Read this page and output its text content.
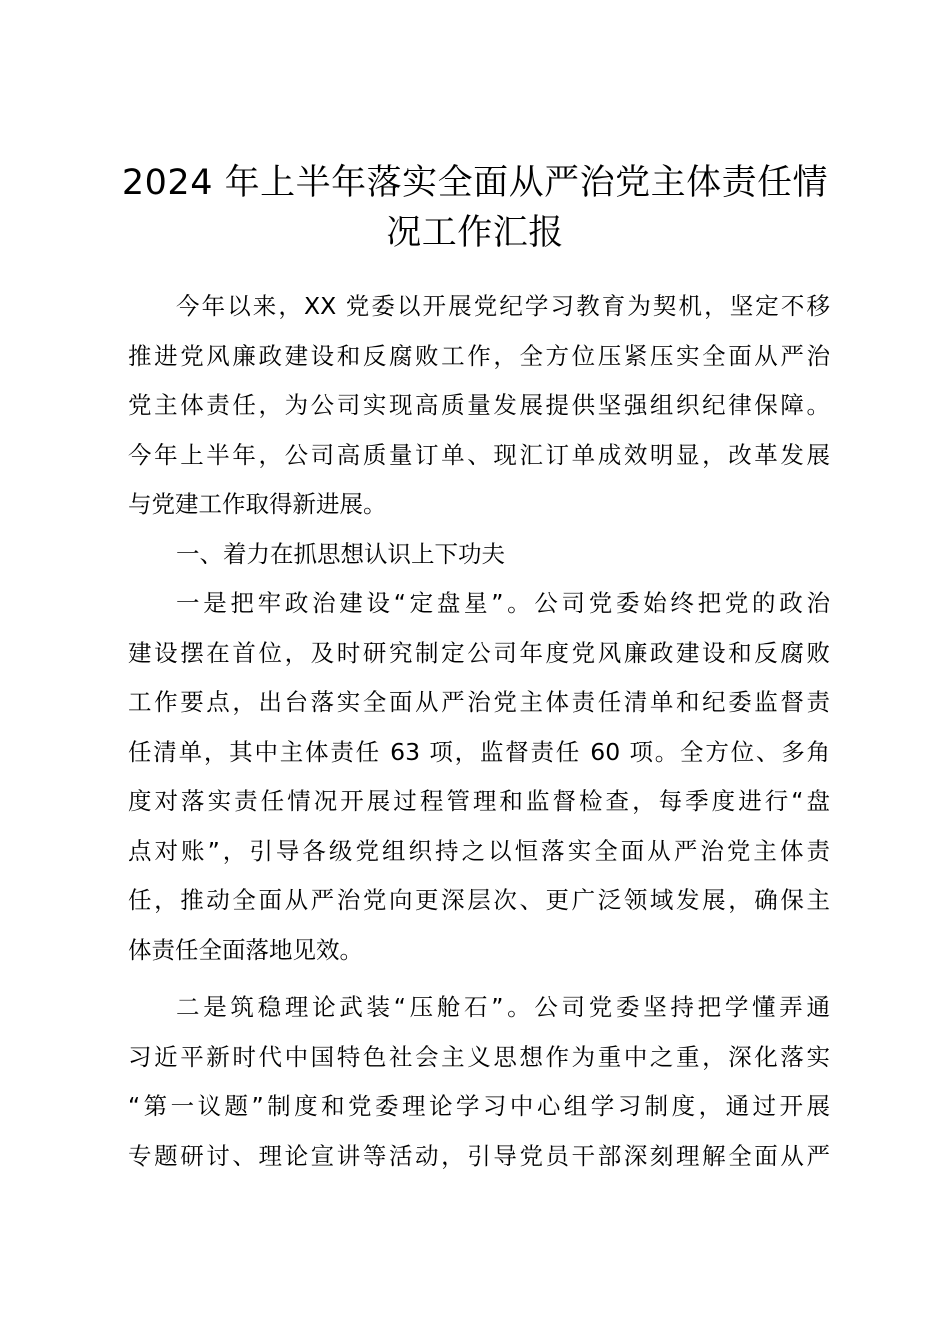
2024 年上半年落实全面从严治党主体责任情
况工作汇报
今年以来，XX 党委以开展党纪学习教育为契机，坚定不移
推进党风廉政建设和反腐败工作，全方位压紧压实全面从严治
党主体责任，为公司实现高质量发展提供坚强组织纪律保障。
今年上半年，公司高质量订单、现汇订单成效明显，改革发展
与党建工作取得新进展。
一、着力在抓思想认识上下功夫
一是把牢政治建设“定盘星”。公司党委始终把党的政治
建设摆在首位，及时研究制定公司年度党风廉政建设和反腐败
工作要点，出台落实全面从严治党主体责任清单和纪委监督责
任清单，其中主体责任 63 项，监督责任 60 项。全方位、多角
度对落实责任情况开展过程管理和监督检查，每季度进行“盘
点对账”，引导各级党组织持之以恒落实全面从严治党主体责
任，推动全面从严治党向更深层次、更广泛领域发展，确保主
体责任全面落地见效。
二是筑稳理论武装“压舱石”。公司党委坚持把学懂弄通
习近平新时代中国特色社会主义思想作为重中之重，深化落实
“第一议题”制度和党委理论学习中心组学习制度，通过开展
专题研讨、理论宣讲等活动，引导党员干部深刻理解全面从严
